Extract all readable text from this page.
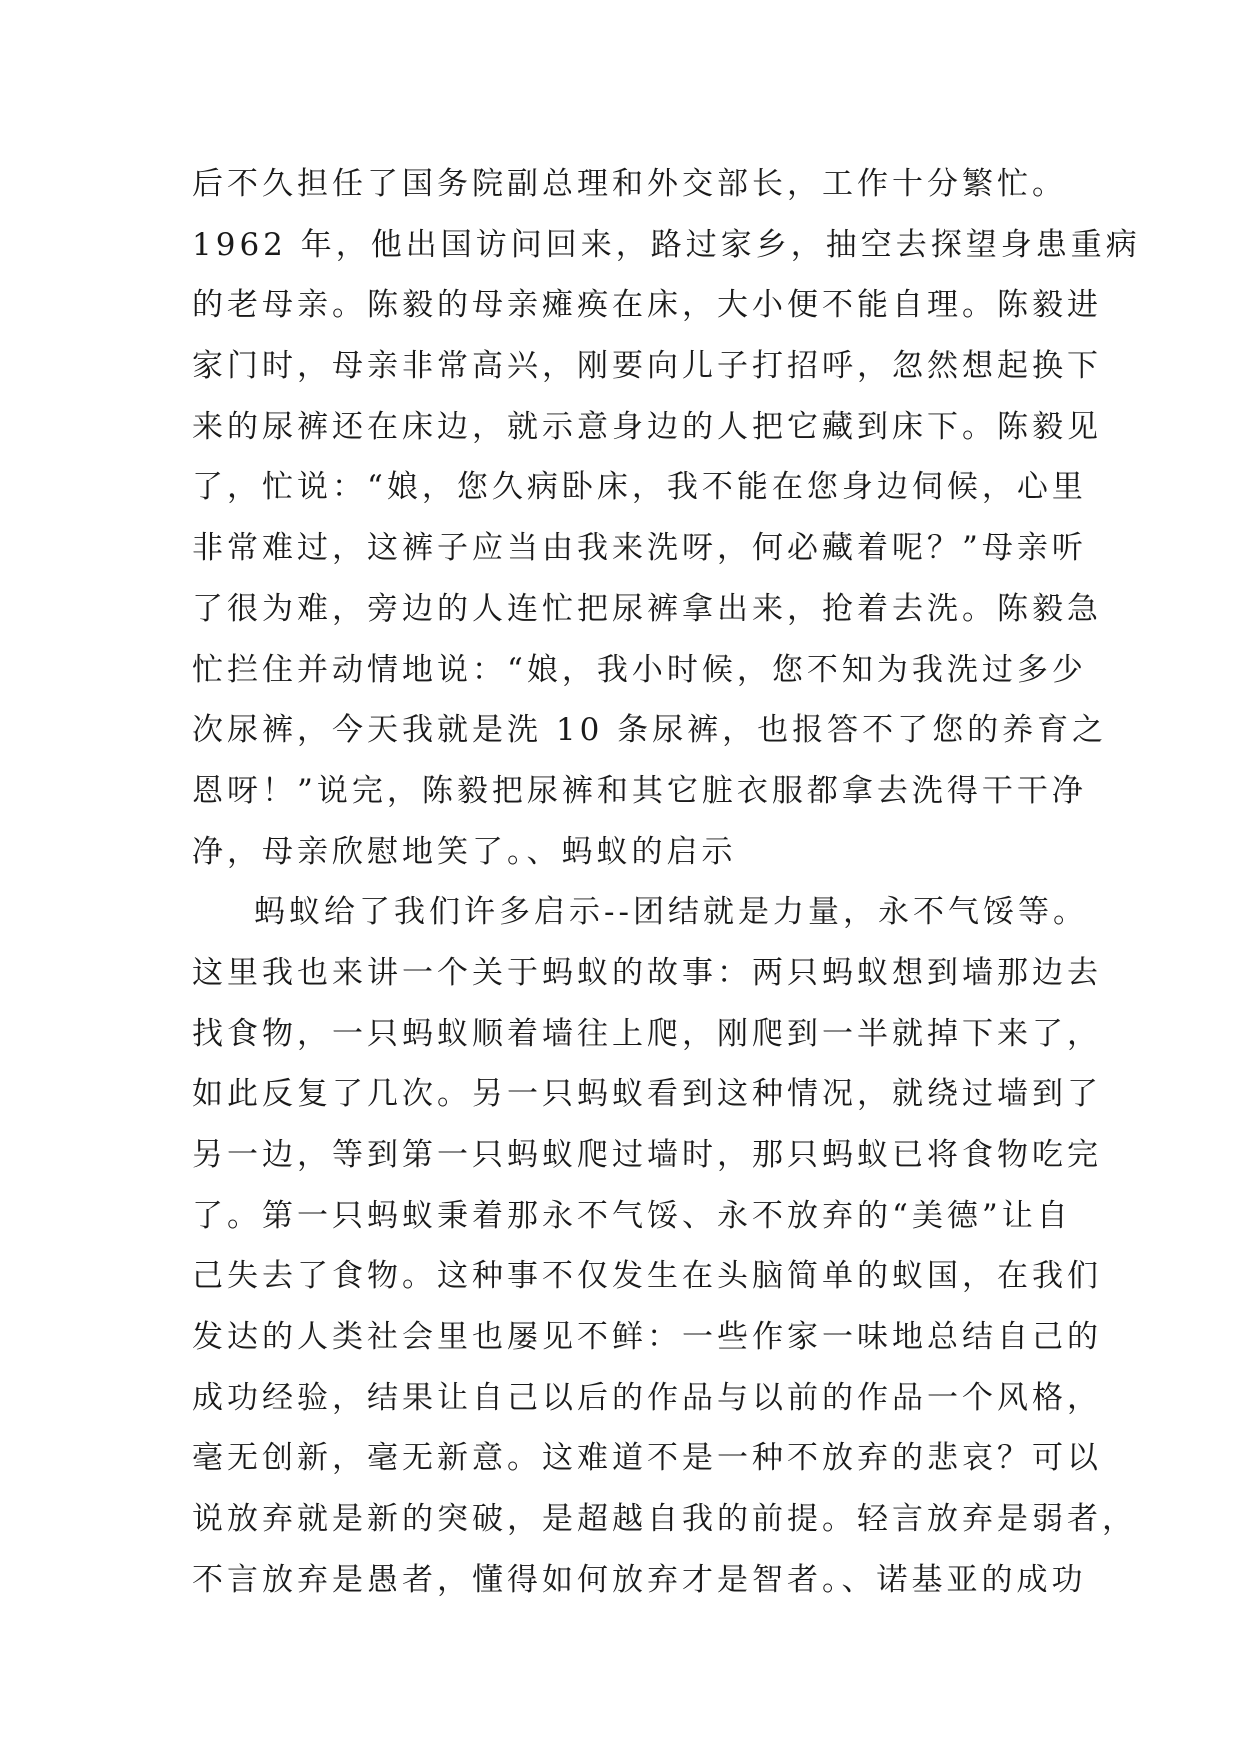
后不久担任了国务院副总理和外交部长，工作十分繁忙。
1962 年，他出国访问回来，路过家乡，抽空去探望身患重病
的老母亲。陈毅的母亲瘫痪在床，大小便不能自理。陈毅进
家门时，母亲非常高兴，刚要向儿子打招呼，忽然想起换下
来的尿裤还在床边，就示意身边的人把它藏到床下。陈毅见
了，忙说：“娘，您久病卧床，我不能在您身边伺候，心里
非常难过，这裤子应当由我来洗呀，何必藏着呢？”母亲听
了很为难，旁边的人连忙把尿裤拿出来，抢着去洗。陈毅急
忙拦住并动情地说：“娘，我小时候，您不知为我洗过多少
次尿裤，今天我就是洗 10 条尿裤，也报答不了您的养育之
恩呀！”说完，陈毅把尿裤和其它脏衣服都拿去洗得干干净
净，母亲欣慰地笑了。、蚂蚁的启示
蚂蚁给了我们许多启示--团结就是力量，永不气馁等。
这里我也来讲一个关于蚂蚁的故事：两只蚂蚁想到墙那边去
找食物，一只蚂蚁顺着墙往上爬，刚爬到一半就掉下来了，
如此反复了几次。另一只蚂蚁看到这种情况，就绕过墙到了
另一边，等到第一只蚂蚁爬过墙时，那只蚂蚁已将食物吃完
了。第一只蚂蚁秉着那永不气馁、永不放弃的“美德”让自
己失去了食物。这种事不仅发生在头脑简单的蚁国，在我们
发达的人类社会里也屡见不鲜：一些作家一味地总结自己的
成功经验，结果让自己以后的作品与以前的作品一个风格，
毫无创新，毫无新意。这难道不是一种不放弃的悲哀？可以
说放弃就是新的突破，是超越自我的前提。轻言放弃是弱者，
不言放弃是愚者，懂得如何放弃才是智者。、诺基亚的成功
